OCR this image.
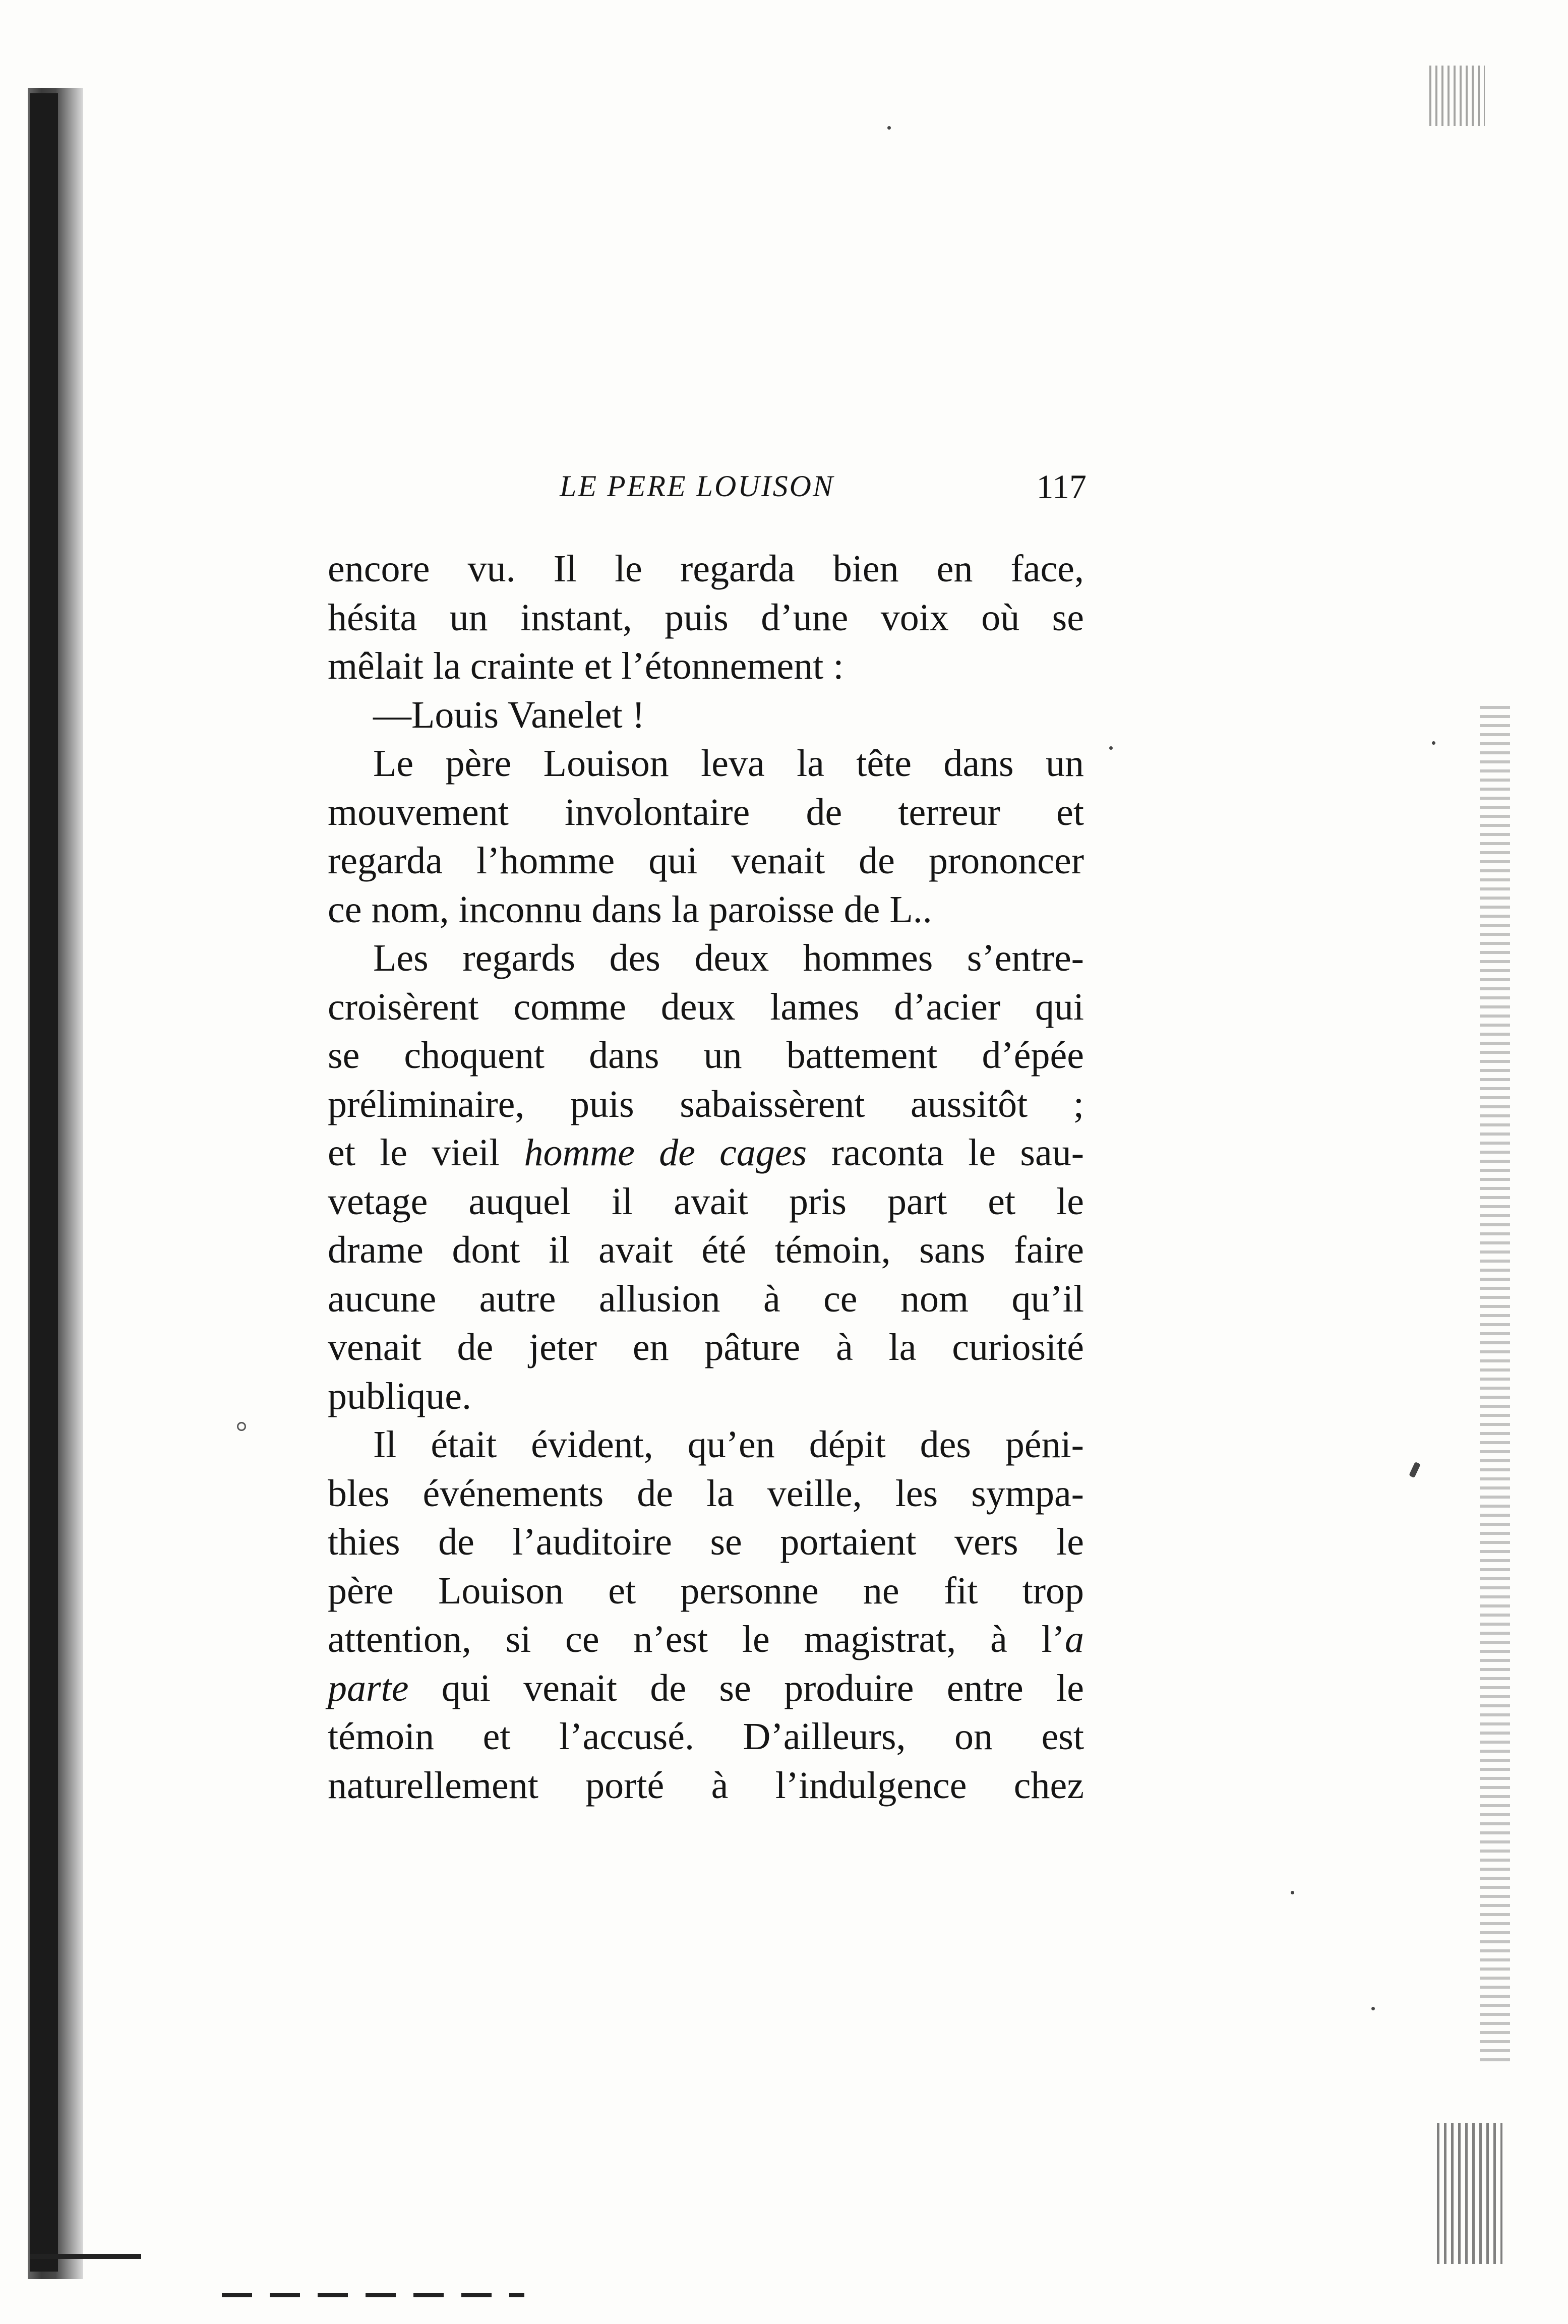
LE PERE LOUISON	117
encore vu. Il le regarda bien en face,
hésita un instant, puis d’une voix où se
mêlait la crainte et l’étonnement :
—Louis Vanelet !
Le père Louison leva la tête dans un
mouvement involontaire de terreur et
regarda l’homme qui venait de prononcer
ce nom, inconnu dans la paroisse de L..
Les regards des deux hommes s’entre-
croisèrent comme deux lames d’acier qui
se choquent dans un battement d’épée
préliminaire, puis sabaissèrent aussitôt ;
et le vieil homme de cages raconta le sau-
vetage auquel il avait pris part et le
drame dont il avait été témoin, sans faire
aucune autre allusion à ce nom qu’il
venait de jeter en pâture à la curiosité
publique.
Il était évident, qu’en dépit des péni-
bles événements de la veille, les sympa-
thies de l’auditoire se portaient vers le
père Louison et personne ne fit trop
attention, si ce n’est le magistrat, à l’a
parte qui venait de se produire entre le
témoin et l’accusé. D’ailleurs, on est
naturellement porté à l’indulgence chez
